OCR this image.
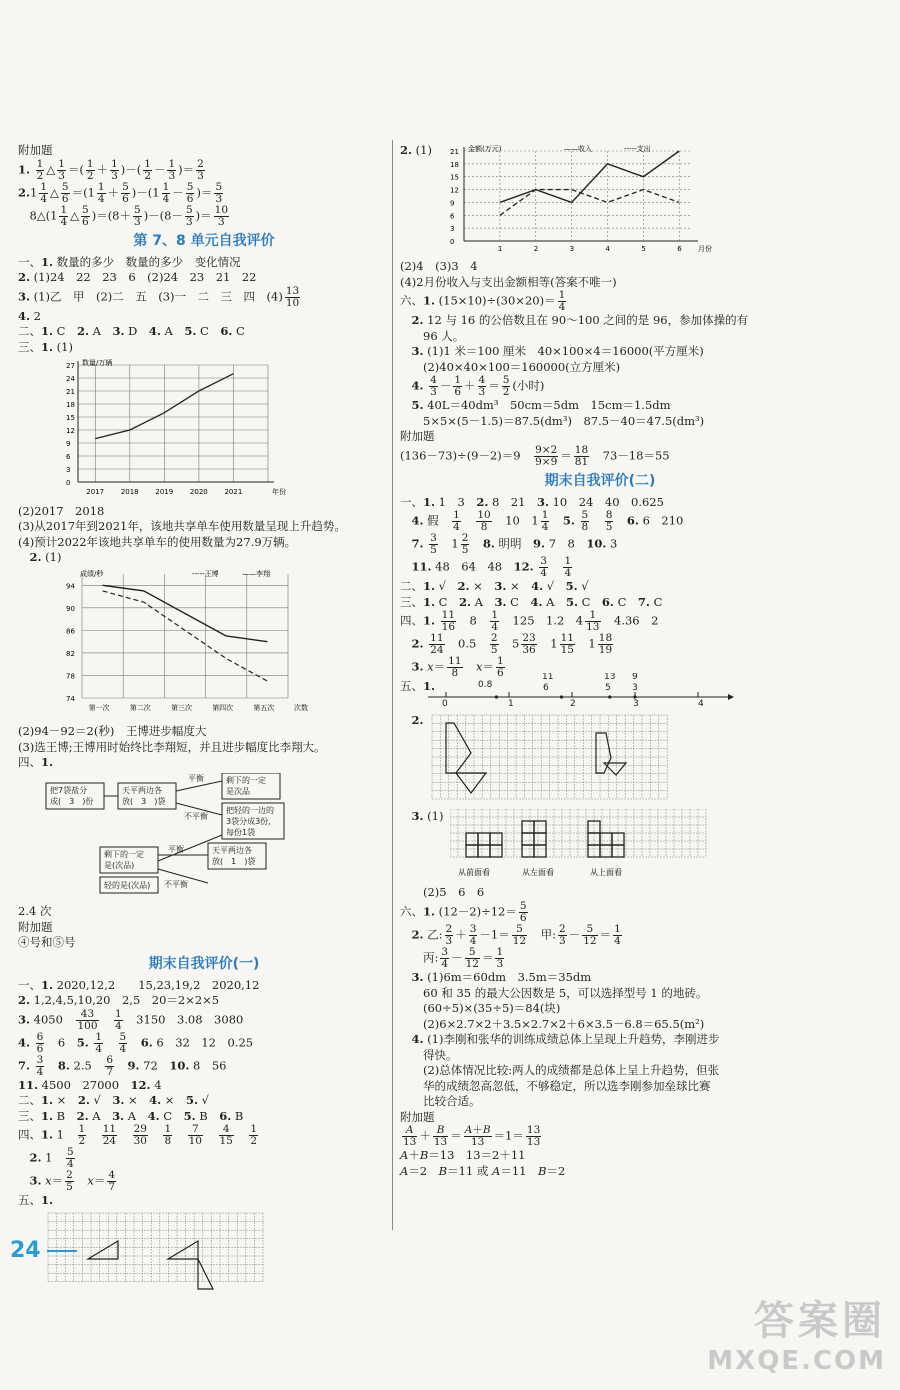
附加题
1. $\frac{1}{2}$ △ $\frac{1}{3}$ ＝( $\frac{1}{2} + \frac{1}{3}$ )－( $\frac{1}{2} - \frac{1}{3}$ )＝ $\frac{2}{3}$
$2.1 \frac{1}{4}$ △ $\frac{5}{6} =(1 \frac{1}{4} + \frac{5}{6} )-(1 \frac{1}{4} - \frac{5}{6}$ )＝ $\frac{5}{3}$
　8△(1 $\frac{1}{4}$ △ $\frac{5}{6} )=(8+ \frac{5}{3} )-(8- \frac{5}{3}$ )＝ $\frac{10}{3}$
第 7、8 单元自我评价
一、1. 数量的多少　数量的多少　变化情况
2. (1)24　22　23　6　(2)24　23　21　22
3. (1)乙　甲　(2)二　五　(3)一　二　三　四　$(4) \frac{13}{10}$
4. 2
二、1. C　2. A　3. D　4. A　5. C　6. C
三、1. (1)
0
3
6
9
12
15
18
21
24
27 数量/万辆
年份
2017 2018 2019 2020 2021
(2)2017　2018
(3)从2017年到2021年，该地共享单车使用数量呈现上升趋势。
(4)预计2022年该地共享单车的使用数量为27.9万辆。
　2. (1)
74
78
82
86
90
94
成绩/秒	-----王博	——李翔
次数
第一次	第二次	第三次	第四次	第五次
(2)94－92＝2(秒)　王博进步幅度大
(3)选王博;王博用时始终比李翔短，并且进步幅度比李翔大。
四、1.
把7袋盐分
成(　3　)份
天平两边各
放(　3　)袋
平衡	剩下的一定
是次品
不平衡
把轻的一边的
3袋分成3份,
每份1袋
剩下的一定
是(次品)
平衡	天平两边各
放(　1　)袋
不平衡
轻的是(次品)
2.4 次
附加题
④号和⑤号
期末自我评价(一)
一、1. 2020,12,2　　15,23,19,2　2020,12
2. 1,2,4,5,10,20　2,5　20＝2×2×5
3. 4050　 $\frac{43}{100}$
　 $\frac{1}{4}$ 　3150　3.08　3080
4. $\frac{6}{6}$ 　6　5. $\frac{1}{4}$
　 $\frac{5}{4}$
　 6. 6　32　12　0.25
7. $\frac{3}{4}$
　 8. 2.5　 $\frac{6}{7}$
　 9. 72　10. 8　56
11. 4500　27000　12. 4
二、1. ×　2. √　3. ×　4. ×　5. √
三、1. B　2. A　3. A　4. C　5. B　6. B
四、1. 1　 $\frac{1}{2}$
　 $\frac{11}{24}$
　 $\frac{29}{30}$
　 $\frac{1}{8}$
　 $\frac{7}{10}$
　 $\frac{4}{15}$
　 $\frac{1}{2}$
　2. 1　 $\frac{5}{4}$
　3. $x= \frac{2}{5}$
　 $x= \frac{4}{7}$
五、1.
2. (1)
0
3
6
9
12
15
18
21 金额(万元)	——收入	-----支出
月份
1	2	3	4	5	6
(2)4　(3)3　4
(4)2月份收入与支出金额相等(答案不唯一)
六、1. $(15\times 10)\div(30\times 20)= \frac{1}{4}$
　2. 12 与 16 的公倍数且在 90～100 之间的是 96，参加体操的有
　　96 人。
　3. (1)1 米＝100 厘米　40×100×4＝16000(平方厘米)
　　(2)40×40×100＝160000(立方厘米)
　4. $\frac{4}{3} - \frac{1}{6} + \frac{4}{3} = \frac{5}{2}$ (小时)
　5. 40L＝40dm³　50cm＝5dm　15cm＝1.5dm
　　5×5×(5－1.5)＝87.5(dm³)　87.5－40＝47.5(dm³)
附加题
(136－73)÷(9－2)＝9　 $\frac{9\times 2}{9\times 9} = \frac{18}{81}$ 　73－18＝55
期末自我评价(二)
一、1. 1　3　2. 8　21　3. 10　24　40　0.625
　4. 假　 $\frac{1}{4}$
　 $\frac{10}{8}$ 　10　$1 \frac{1}{4}$
　 5. $\frac{5}{8}$
　 $\frac{8}{5}$
　 6. 6　210
　7. $\frac{3}{5}$ 　$1 \frac{2}{5}$
　 8. 明明　9. 7　8　10. 3
　11. 48　64　48　12. $\frac{3}{4}$
　 $\frac{1}{4}$
二、1. √　2. ×　3. ×　4. √　5. √
三、1. C　2. A　3. C　4. A　5. C　6. C　7. C
四、1. $\frac{11}{16}$ 　8　 $\frac{1}{4}$ 　125　1.2　$4 \frac{1}{13}$ 　4.36　2
　2. $\frac{11}{24}$ 　0.5　 $\frac{2}{5}$ 　$5 \frac{23}{36}$ 　$1 \frac{11}{15}$ 　$1 \frac{18}{19}$
　3. $x= \frac{11}{8}$
　 $x= \frac{1}{6}$
五、1.
0	1	2	3	4
0.8
11
6
13
5
9
3
　2.
　3. (1)
从前面看	从左面看	从上面看
　　(2)5　6　6
六、1. $(12-2)\div 12= \frac{5}{6}$
　2. 乙: $\frac{2}{3} + \frac{3}{4} -1= \frac{5}{12}$ 　甲: $\frac{2}{3} - \frac{5}{12} = \frac{1}{4}$
　　丙: $\frac{3}{4} - \frac{5}{12} = \frac{1}{3}$
　3. (1)6m＝60dm　3.5m＝35dm
　　60 和 35 的最大公因数是 5，可以选择型号 1 的地砖。
　　(60÷5)×(35÷5)＝84(块)
　　(2)6×2.7×2＋3.5×2.7×2＋6×3.5－6.8＝65.5(m²)
　4. (1)李刚和张华的训练成绩总体上呈现上升趋势，李刚进步
　　得快。
　　(2)总体情况比较:两人的成绩都是总体上呈上升趋势，但张
　　华的成绩忽高忽低，不够稳定，所以选李刚参加垒球比赛
　　比较合适。
附加题
$\frac{A}{13} + \frac{B}{13} = \frac{A+B}{13} =1= \frac{13}{13}$
A＋B＝13　13＝2＋11
A＝2　B＝11 或 A＝11　B＝2
24
答案圈
MXQE.COM
